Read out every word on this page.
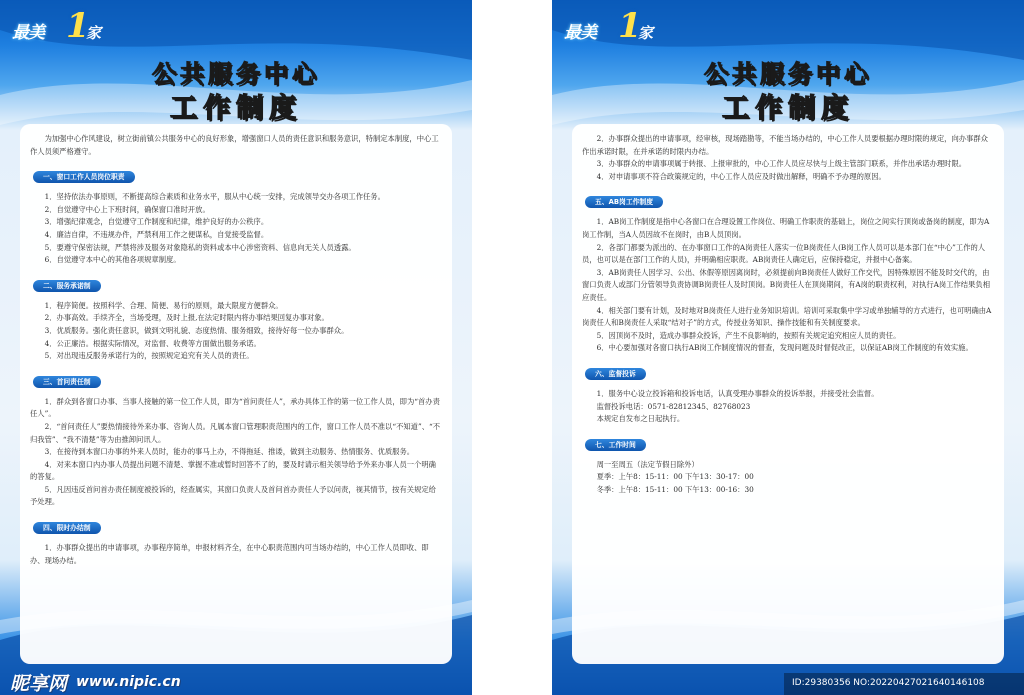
最美 1
家
公共服务中心
工作制度

为加强中心作风建设，树立街前镇公共服务中心的良好形象，增强窗口人员的责任意识和服务意识，特制定本制度，中心工作人员须严格遵守。

一、窗口工作人员岗位职责

1．坚持依法办事原则，不断提高综合素质和业务水平，服从中心统一安排，完成领导交办各项工作任务。

2．自觉遵守中心上下班时间，确保窗口准时开放。

3．增强纪律观念，自觉遵守工作制度和纪律，维护良好的办公秩序。

4．廉洁自律，不违规办件，严禁利用工作之便谋私，自觉接受监督。

5．要遵守保密法规，严禁将涉及服务对象隐私的资料或本中心涉密资料、信息向无关人员透露。

6．自觉遵守本中心的其他各项规章制度。

二、服务承诺制

1．程序简便。按照科学、合理、简便、易行的原则，最大限度方便群众。

2．办事高效。手续齐全，当场受理，及时上报,在法定时限内将办事结果回复办事对象。

3．优质服务。强化责任意识，做到文明礼貌、态度热情、服务细致，接待好每一位办事群众。

4．公正廉洁。根据实际情况，对监督、收费等方面做出服务承诺。

5．对出现违反服务承诺行为的，按照规定追究有关人员的责任。

三、首问责任制

1．群众到各窗口办事、当事人接触的第一位工作人员，即为“首问责任人”，承办具体工作的第一位工作人员，即为“首办责任人”。

2．“首问责任人”要热情接待外来办事、咨询人员。凡属本窗口管理职责范围内的工作，窗口工作人员不准以“不知道”、“不归我管”、“我不清楚”等为由推卸问讯人。

3．在接待到本窗口办事的外来人员时，能办的事马上办，不得拖延、推诿，做到主动服务、热情服务、优质服务。

4．对来本窗口内办事人员提出问题不清楚、掌握不准或暂时回答不了的，要及时请示相关领导给予外来办事人员一个明确的答复。

5．凡因违反首问首办责任制度被投诉的，经查属实，其窗口负责人及首问首办责任人予以问责，视其情节，按有关规定给予处理。

四、限时办结制

1．办事群众提出的申请事项，办事程序简单，申报材料齐全，在中心职责范围内可当场办结的，中心工作人员即收、即办、现场办结。

昵享网 www.nipic.cn
最美 1
家
公共服务中心
工作制度

2．办事群众提出的申请事项，经审核，现场踏勘等，不能当场办结的，中心工作人员要根据办理时限的规定，向办事群众作出承诺时限，在并承诺的时限内办结。

3．办事群众的申请事项属于转报、上报审批的，中心工作人员应尽快与上级主管部门联系，并作出承诺办理时限。

4．对申请事项不符合政策规定的，中心工作人员应及时做出解释，明确不予办理的原因。

五、AB岗工作制度

1．AB岗工作制度是指中心各窗口在合理设置工作岗位、明确工作职责的基础上，岗位之间实行顶岗或备岗的制度，即为A岗工作制，当A人员因故不在岗时，由B人员顶岗。

2．各部门都要为派出的、在办事窗口工作的A岗责任人落实一位B岗责任人(B岗工作人员可以是本部门在“中心”工作的人员，也可以是在部门工作的人员)，并明确相应职责。AB岗责任人确定后，应保持稳定，并报中心备案。

3．AB岗责任人因学习、公出、休假等原因离岗时，必须提前向B岗责任人做好工作交代，因特殊原因不能及时交代的，由窗口负责人或部门分管领导负责协调B岗责任人及时顶岗。B岗责任人在顶岗期间，有A岗的职责权利，对执行A岗工作结果负相应责任。

4．相关部门要有计划，及时地对B岗责任人进行业务知识培训。培训可采取集中学习或单独辅导的方式进行，也可明确由A岗责任人和B岗责任人采取“结对子”的方式，传授业务知识、操作技能和有关制度要求。

5．因顶岗不及时，造成办事群众投诉，产生不良影响的，按照有关规定追究相应人员的责任。

6．中心要加强对各窗口执行AB岗工作制度情况的督查，发现问题及时督促改正，以保证AB岗工作制度的有效实施。

六、监督投诉

1．服务中心设立投诉箱和投诉电话，认真受理办事群众的投诉举报，并接受社会监督。

监督投诉电话：0571-82812345、82768023

本规定自发布之日起执行。

七、工作时间

周一至周五（法定节假日除外）

夏季：上午8：15-11：00 下午13：30-17：00

冬季：上午8：15-11：00 下午13：00-16：30

ID:29380356 NO:20220427021640146108
